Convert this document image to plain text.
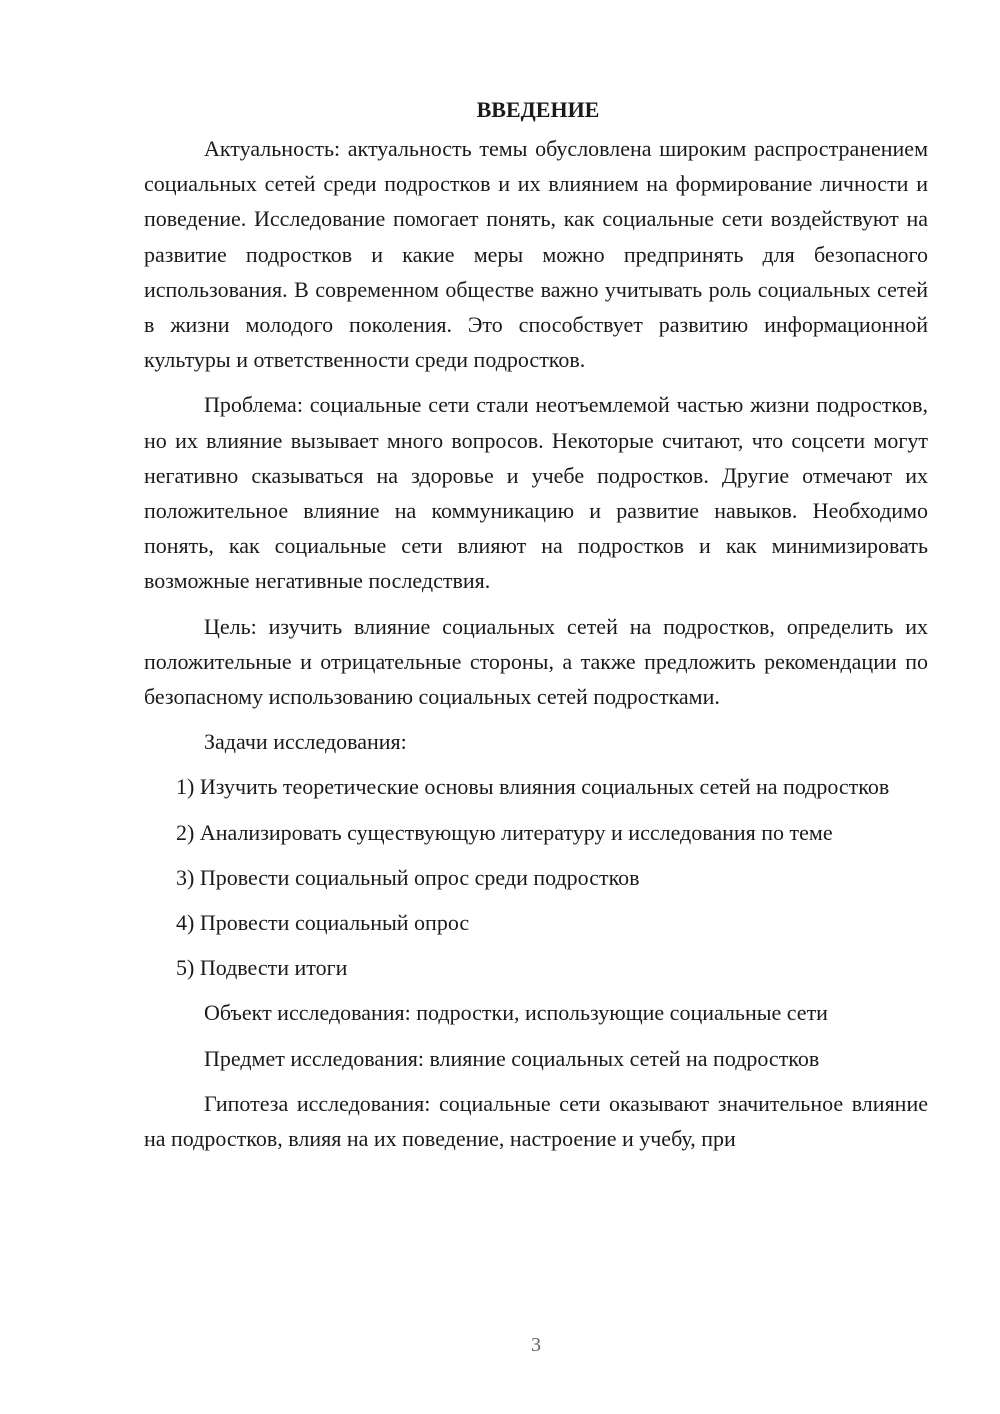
ВВЕДЕНИЕ

Актуальность: актуальность темы обусловлена широким распространением социальных сетей среди подростков и их влиянием на формирование личности и поведение. Исследование помогает понять, как социальные сети воздействуют на развитие подростков и какие меры можно предпринять для безопасного использования. В современном обществе важно учитывать роль социальных сетей в жизни молодого поколения. Это способствует развитию информационной культуры и ответственности среди подростков.

Проблема: социальные сети стали неотъемлемой частью жизни подростков, но их влияние вызывает много вопросов. Некоторые считают, что соцсети могут негативно сказываться на здоровье и учебе подростков. Другие отмечают их положительное влияние на коммуникацию и развитие навыков. Необходимо понять, как социальные сети влияют на подростков и как минимизировать возможные негативные последствия.

Цель: изучить влияние социальных сетей на подростков, определить их положительные и отрицательные стороны, а также предложить рекомендации по безопасному использованию социальных сетей подростками.

Задачи исследования:

1) Изучить теоретические основы влияния социальных сетей на подростков

2) Анализировать существующую литературу и исследования по теме

3) Провести социальный опрос среди подростков

4) Провести социальный опрос

5) Подвести итоги

Объект исследования: подростки, использующие социальные сети

Предмет исследования: влияние социальных сетей на подростков

Гипотеза исследования: социальные сети оказывают значительное влияние на подростков, влияя на их поведение, настроение и учебу, при

3
